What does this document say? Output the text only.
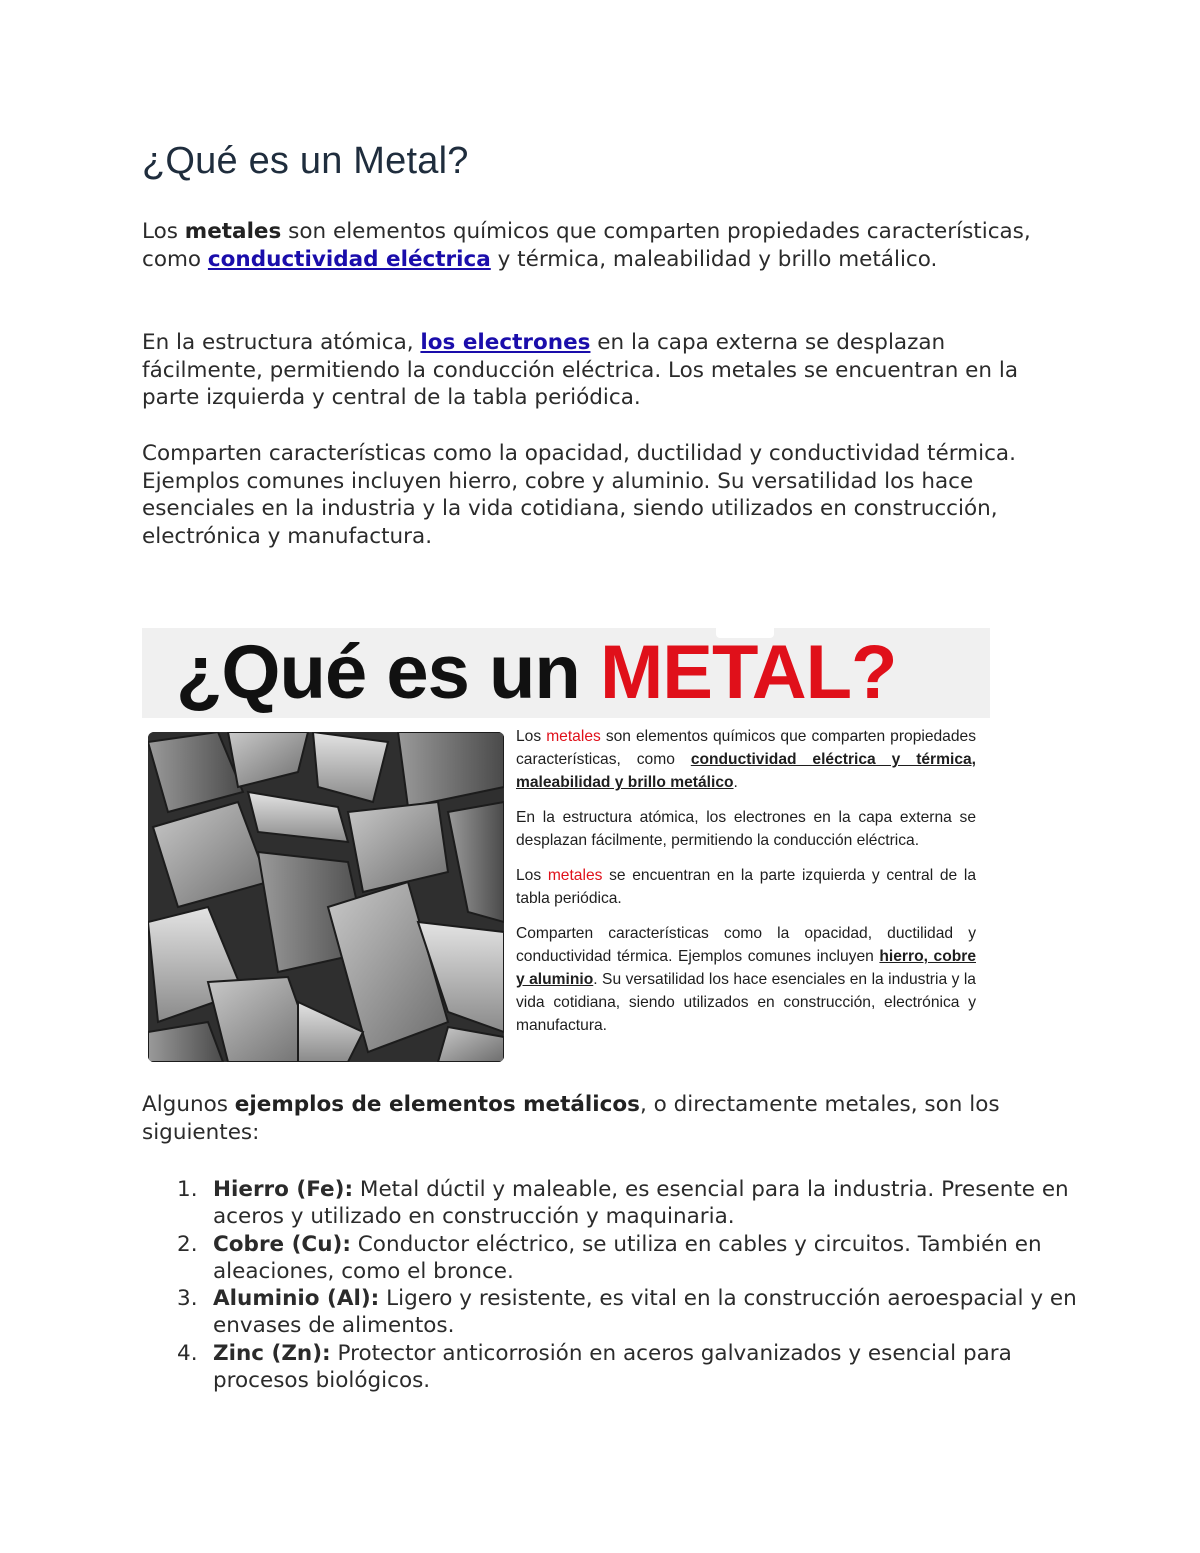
¿Qué es un Metal?

Los metales son elementos químicos que comparten propiedades características, como conductividad eléctrica y térmica, maleabilidad y brillo metálico.

En la estructura atómica, los electrones en la capa externa se desplazan fácilmente, permitiendo la conducción eléctrica. Los metales se encuentran en la parte izquierda y central de la tabla periódica.

Comparten características como la opacidad, ductilidad y conductividad térmica. Ejemplos comunes incluyen hierro, cobre y aluminio. Su versatilidad los hace esenciales en la industria y la vida cotidiana, siendo utilizados en construcción, electrónica y manufactura.

¿Qué es un METAL?

Los metales son elementos químicos que comparten propiedades características, como conductividad eléctrica y térmica, maleabilidad y brillo metálico.

En la estructura atómica, los electrones en la capa externa se desplazan fácilmente, permitiendo la conducción eléctrica.

Los metales se encuentran en la parte izquierda y central de la tabla periódica.

Comparten características como la opacidad, ductilidad y conductividad térmica. Ejemplos comunes incluyen hierro, cobre y aluminio. Su versatilidad los hace esenciales en la industria y la vida cotidiana, siendo utilizados en construcción, electrónica y manufactura.

Algunos ejemplos de elementos metálicos, o directamente metales, son los siguientes:

Hierro (Fe): Metal dúctil y maleable, es esencial para la industria. Presente en aceros y utilizado en construcción y maquinaria.
Cobre (Cu): Conductor eléctrico, se utiliza en cables y circuitos. También en aleaciones, como el bronce.
Aluminio (Al): Ligero y resistente, es vital en la construcción aeroespacial y en envases de alimentos.
Zinc (Zn): Protector anticorrosión en aceros galvanizados y esencial para procesos biológicos.
